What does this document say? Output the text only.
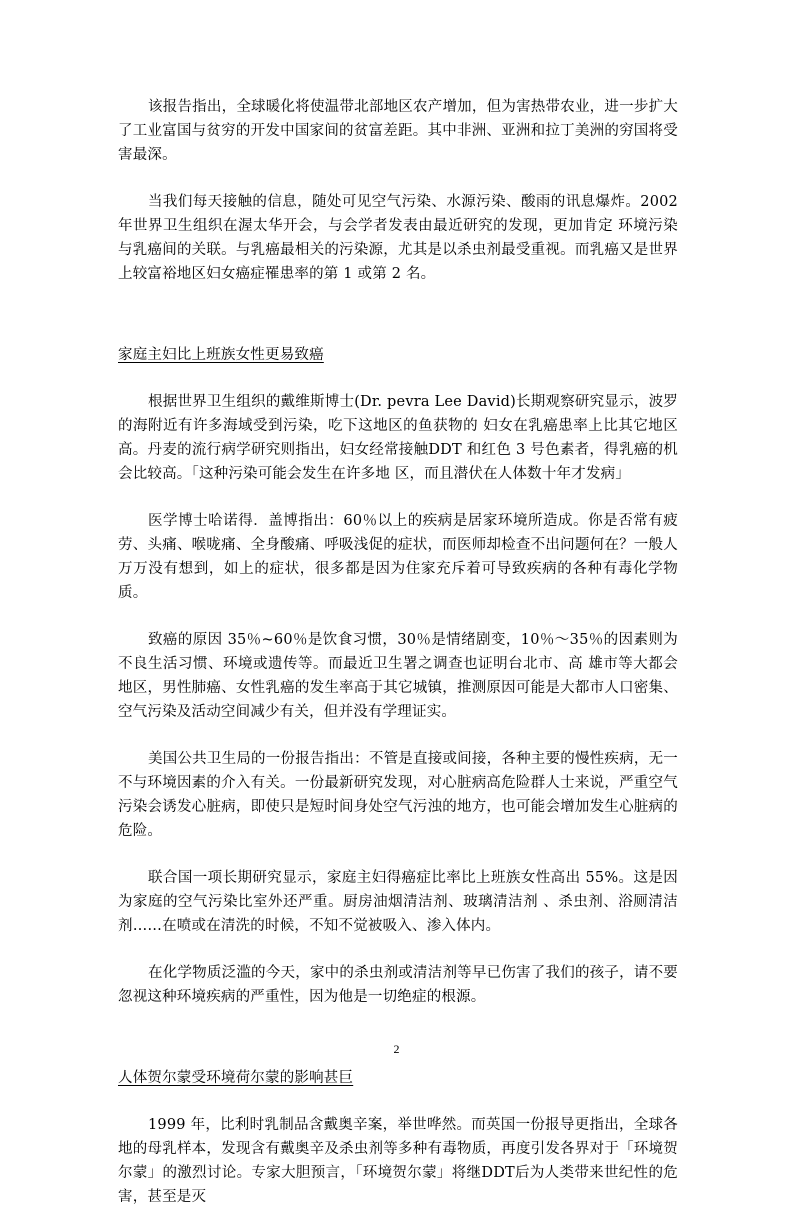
该报告指出，全球暖化将使温带北部地区农产增加，但为害热带农业，进一步扩大了工业富国与贫穷的开发中国家间的贫富差距。其中非洲、亚洲和拉丁美洲的穷国将受害最深。

当我们每天接触的信息，随处可见空气污染、水源污染、酸雨的讯息爆炸。2002 年世界卫生组织在渥太华开会，与会学者发表由最近研究的发现，更加肯定 环境污染与乳癌间的关联。与乳癌最相关的污染源，尤其是以杀虫剂最受重视。而乳癌又是世界上较富裕地区妇女癌症罹患率的第 1 或第 2 名。

家庭主妇比上班族女性更易致癌

根据世界卫生组织的戴维斯博士(Dr. pevra Lee David)长期观察研究显示，波罗的海附近有许多海域受到污染，吃下这地区的鱼获物的 妇女在乳癌患率上比其它地区高。丹麦的流行病学研究则指出，妇女经常接触DDT 和红色 3 号色素者，得乳癌的机会比较高。「这种污染可能会发生在许多地 区，而且潜伏在人体数十年才发病」

医学博士哈诺得．盖博指出：60％以上的疾病是居家环境所造成。你是否常有疲劳、头痛、喉咙痛、全身酸痛、呼吸浅促的症状，而医师却检查不出问题何在？一般人万万没有想到，如上的症状，很多都是因为住家充斥着可导致疾病的各种有毒化学物质。

致癌的原因 35％~60％是饮食习惯，30％是情绪剧变，10％～35％的因素则为不良生活习惯、环境或遗传等。而最近卫生署之调查也证明台北市、高 雄市等大都会地区，男性肺癌、女性乳癌的发生率高于其它城镇，推测原因可能是大都市人口密集、空气污染及活动空间减少有关，但并没有学理证实。

美国公共卫生局的一份报告指出：不管是直接或间接，各种主要的慢性疾病，无一不与环境因素的介入有关。一份最新研究发现，对心脏病高危险群人士来说，严重空气污染会诱发心脏病，即使只是短时间身处空气污浊的地方，也可能会增加发生心脏病的危险。

联合国一项长期研究显示，家庭主妇得癌症比率比上班族女性高出 55%。这是因为家庭的空气污染比室外还严重。厨房油烟清洁剂、玻璃清洁剂 、杀虫剂、浴厕清洁剂……在喷或在清洗的时候，不知不觉被吸入、渗入体内。

在化学物质泛滥的今天，家中的杀虫剂或清洁剂等早已伤害了我们的孩子，请不要忽视这种环境疾病的严重性，因为他是一切绝症的根源。

人体贺尔蒙受环境荷尔蒙的影响甚巨

1999 年，比利时乳制品含戴奥辛案，举世哗然。而英国一份报导更指出，全球各地的母乳样本，发现含有戴奥辛及杀虫剂等多种有毒物质，再度引发各界对于「环境贺尔蒙」的激烈讨论。专家大胆预言，「环境贺尔蒙」将继DDT后为人类带来世纪性的危害，甚至是灭

2
